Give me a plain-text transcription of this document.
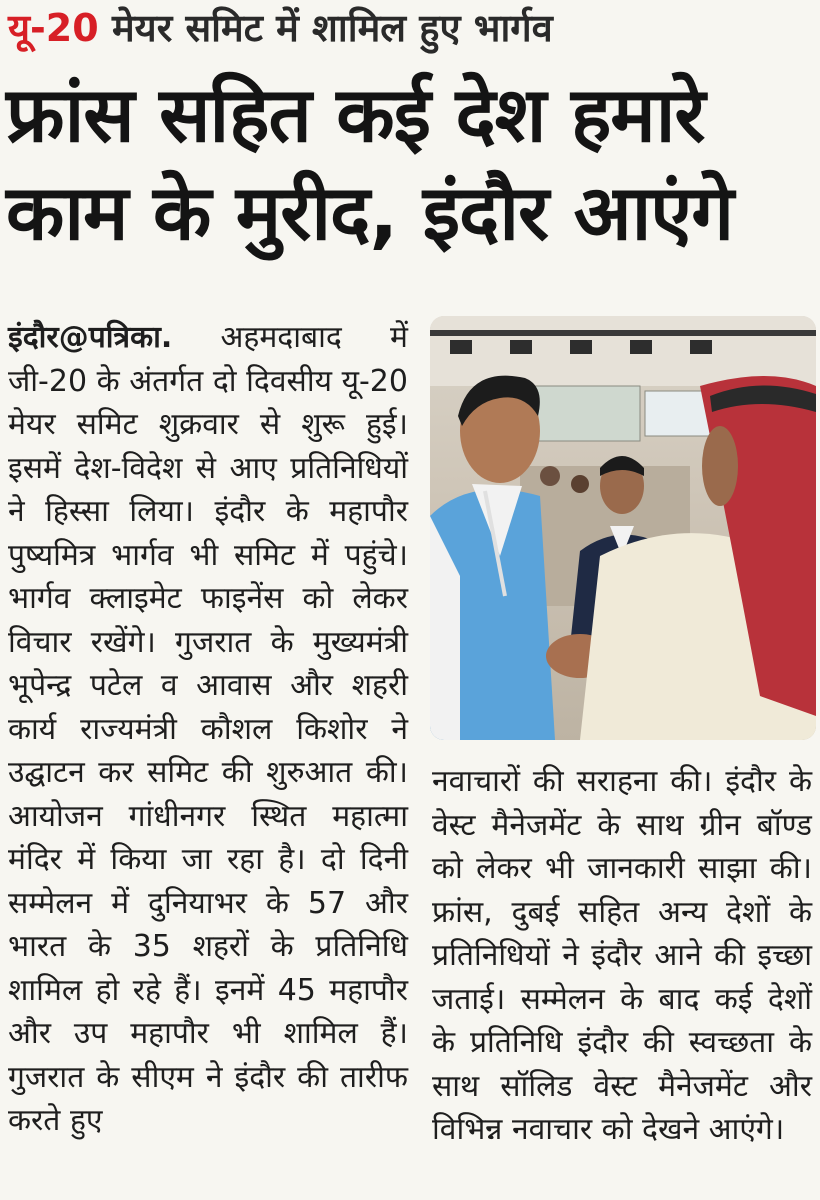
यू-20 मेयर समिट में शामिल हुए भार्गव
फ्रांस सहित कई देश हमारे
काम के मुरीद, इंदौर आएंगे
इंदौर@पत्रिका. अहमदाबाद में जी-20 के अंतर्गत दो दिवसीय यू-20 मेयर समिट शुक्रवार से शुरू हुई। इसमें देश-विदेश से आए प्रतिनिधियों ने हिस्सा लिया। इंदौर के महापौर पुष्यमित्र भार्गव भी समिट में पहुंचे। भार्गव क्लाइमेट फाइनेंस को लेकर विचार रखेंगे। गुजरात के मुख्यमंत्री भूपेन्द्र पटेल व आवास और शहरी कार्य राज्यमंत्री कौशल किशोर ने उद्घाटन कर समिट की शुरुआत की। आयोजन गांधीनगर स्थित महात्मा मंदिर में किया जा रहा है। दो दिनी सम्मेलन में दुनियाभर के 57 और भारत के 35 शहरों के प्रतिनिधि शामिल हो रहे हैं। इनमें 45 महापौर और उप महापौर भी शामिल हैं। गुजरात के सीएम ने इंदौर की तारीफ करते हुए
नवाचारों की सराहना की। इंदौर के वेस्ट मैनेजमेंट के साथ ग्रीन बॉण्ड को लेकर भी जानकारी साझा की। फ्रांस, दुबई सहित अन्य देशों के प्रतिनिधियों ने इंदौर आने की इच्छा जताई। सम्मेलन के बाद कई देशों के प्रतिनिधि इंदौर की स्वच्छता के साथ सॉलिड वेस्ट मैनेजमेंट और विभिन्न नवाचार को देखने आएंगे।
